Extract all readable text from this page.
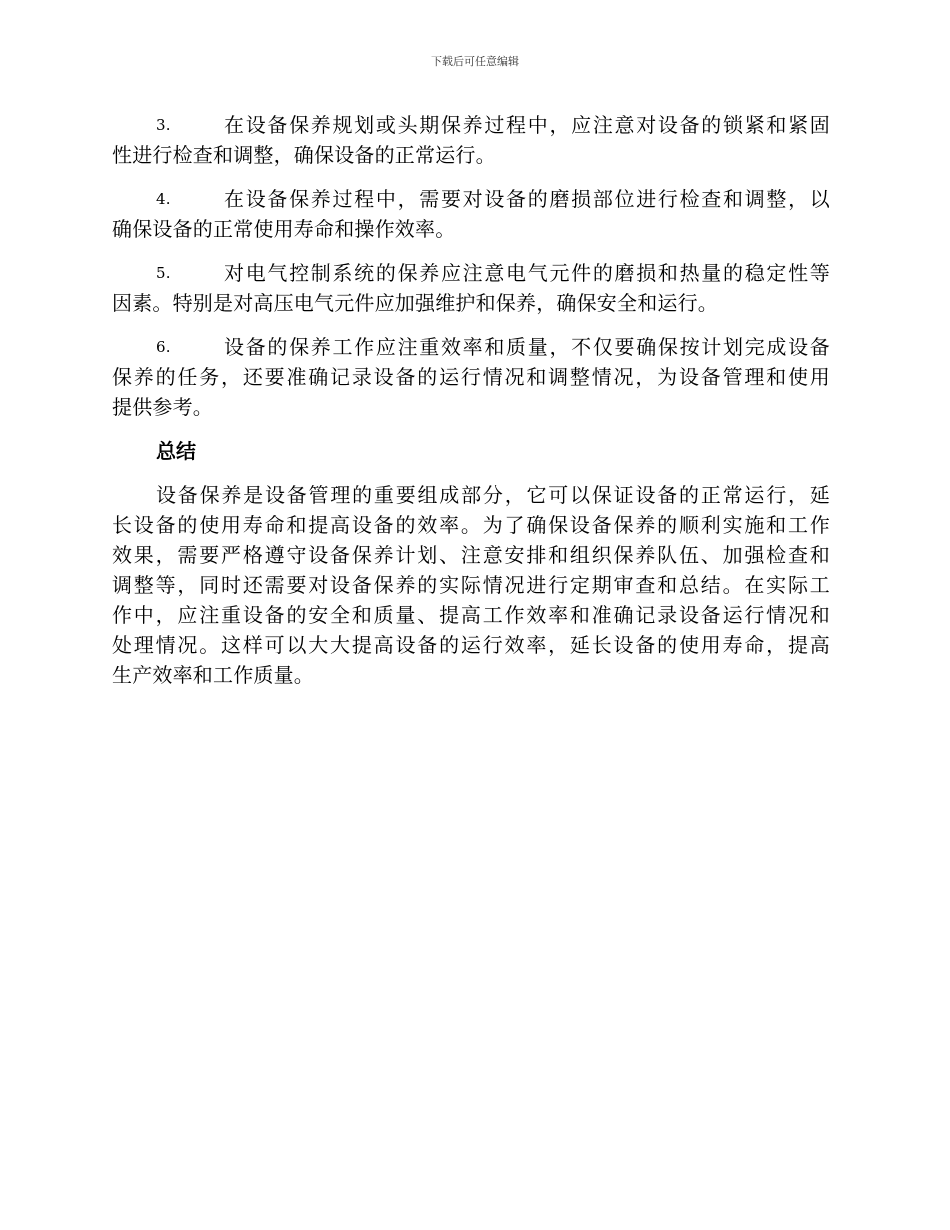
下载后可任意编辑
3.	在设备保养规划或头期保养过程中，应注意对设备的锁紧和紧固
性进行检查和调整，确保设备的正常运行。
4.	在设备保养过程中，需要对设备的磨损部位进行检查和调整，以
确保设备的正常使用寿命和操作效率。
5.	对电气控制系统的保养应注意电气元件的磨损和热量的稳定性等
因素。特别是对高压电气元件应加强维护和保养，确保安全和运行。
6.	设备的保养工作应注重效率和质量，不仅要确保按计划完成设备
保养的任务，还要准确记录设备的运行情况和调整情况，为设备管理和使用
提供参考。
总结
设备保养是设备管理的重要组成部分，它可以保证设备的正常运行，延
长设备的使用寿命和提高设备的效率。为了确保设备保养的顺利实施和工作
效果，需要严格遵守设备保养计划、注意安排和组织保养队伍、加强检查和
调整等，同时还需要对设备保养的实际情况进行定期审查和总结。在实际工
作中，应注重设备的安全和质量、提高工作效率和准确记录设备运行情况和
处理情况。这样可以大大提高设备的运行效率，延长设备的使用寿命，提高
生产效率和工作质量。
